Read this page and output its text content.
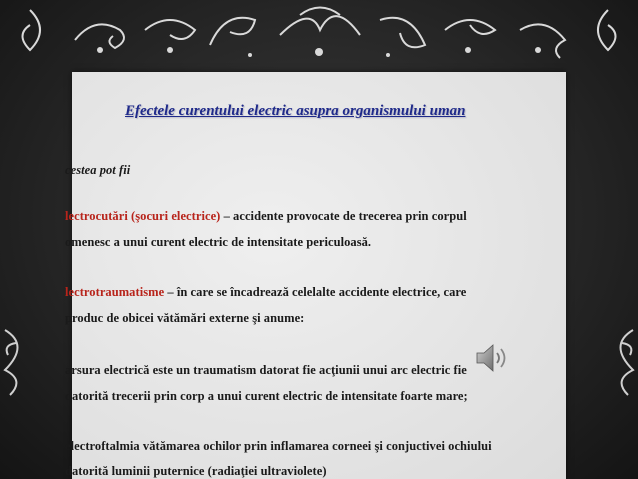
Efectele curentului electric asupra organismului uman
cestea pot fii
lectrocutări (şocuri electrice) – accidente provocate de trecerea prin corpul
omenesc a unui curent electric de intensitate periculoasă.
lectrotraumatisme – în care se încadrează celelalte accidente electrice, care
produc de obicei vătămări externe şi anume:
arsura electrică este un traumatism datorat fie acţiunii unui arc electric fie
datorită trecerii prin corp a unui curent electric de intensitate foarte mare;
electroftalmia vătămarea ochilor prin inflamarea corneei şi conjuctivei ochiului
datorită luminii puternice (radiaţiei ultraviolete)
